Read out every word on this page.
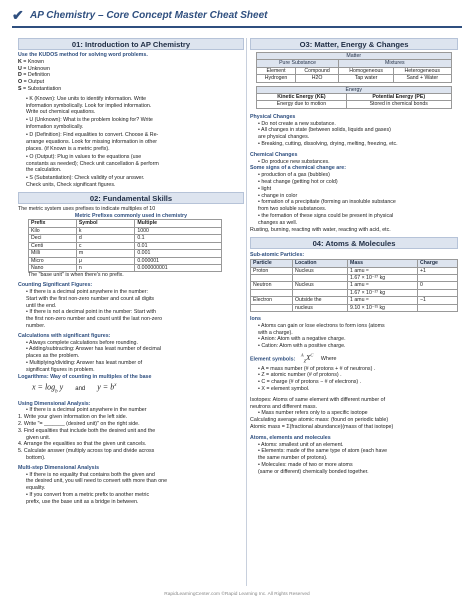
✔ AP Chemistry – Core Concept Master Cheat Sheet
01: Introduction to AP Chemistry
Use the KUDOS method for solving word problems.
K = Known
U = Unknown
D = Definition
O = Output
S = Substantiation
• K (Known): Use units to identify information. Write
information symbolically. Look for implied information.
Write out chemical equations.
• U (Unknown): What is the problem looking for? Write
information symbolically.
• D (Definition): Find equalities to convert. Choose & Re-
arrange equations. Look for missing information in other
places. (if Known is a metric prefix).
• O (Output): Plug in values to the equations (use
constants as needed); Check unit cancellation & perform
the calculation.
• S (Substantiation): Check validity of your answer.
Check units, Check significant figures.
02: Fundamental Skills
The metric system uses prefixes to indicate multiples of 10
Metric Prefixes commonly used in chemistry
Prefix	Symbol	Multiple
Kilo	k	1000
Deci	d	0.1
Centi	c	0.01
Milli	m	0.001
Micro	μ	0.000001
Nano	n	0.000000001
The "base unit" is when there's no prefix.
Counting Significant Figures:
• If there is a decimal point anywhere in the number:
Start with the first non-zero number and count all digits
until the end.
• If there is not a decimal point in the number: Start with
the first non-zero number and count until the last non-zero
number.
Calculations with significant figures:
• Always complete calculations before rounding.
• Adding/subtracting: Answer has least number of decimal
places as the problem.
• Multiplying/dividing: Answer has least number of
significant figures in problem.
Logarithms: Way of counting in multiples of the base
$x = \log_b y$ and $y = b^x$
Using Dimensional Analysis:
• If there is a decimal point anywhere in the number
1. Write your given information on the left side.
2. Write "= _______ (desired unit)" on the right side.
3. Find equalities that include both the desired unit and the
given unit.
4. Arrange the equalities so that the given unit cancels.
5. Calculate answer (multiply across top and divide across
bottom).
Multi-step Dimensional Analysis
• If there is no equality that contains both the given and
the desired unit, you will need to convert with more than one
equality.
• If you convert from a metric prefix to another metric
prefix, use the base unit as a bridge in between.
O3: Matter, Energy & Changes
Matter			
Pure Substance		Mixtures	
Element	Compound	Homogeneous	Heterogeneous
Hydrogen	H2O	Tap water	Sand + Water
Energy	
Kinetic Energy (KE)	Potential Energy (PE)
Energy due to motion	Stored in chemical bonds
Physical Changes
• Do not create a new substance.
• All changes in state (between solids, liquids and gases)
are physical changes.
• Breaking, cutting, dissolving, drying, melting, freezing, etc.
Chemical Changes
• Do produce new substances.
Some signs of a chemical change are:
• production of a gas (bubbles)
• heat change (getting hot or cold)
• light
• change in color
• formation of a precipitate (forming an insoluble substance
from two soluble substances.
• the formation of these signs could be present in physical
changes as well.
Rusting, burning, reacting with water, reacting with acid, etc.
04: Atoms & Molecules
Sub-atomic Particles:
Particle	Location	Mass	Charge
Proton	Nucleus	1 amu ≈	+1
		1.67 × 10⁻²⁷ kg	
Neutron	Nucleus	1 amu ≈	0
		1.67 × 10⁻²⁷ kg	
Electron	Outside the	1 amu ≈	−1
	nucleus	9.10 × 10⁻³¹ kg	
Ions
• Atoms can gain or lose electrons to form ions (atoms
with a charge).
• Anion: Atom with a negative charge.
• Cation: Atom with a positive charge.
Element symbols: $^A_ZX^C$ Where
• A = mass number (# of protons + # of neutrons) .
• Z = atomic number (# of protons) .
• C = charge (# of protons − # of electrons) .
• X = element symbol.
Isotopes: Atoms of same element with different number of
neutrons and different mass.
• Mass number refers only to a specific isotope
Calculating average atomic mass: (found on periodic table)
Atomic mass = Σ(fractional abundance)(mass of that isotope)
Atoms, elements and molecules
• Atoms: smallest unit of an element.
• Elements: made of the same type of atom (each have
the same number of protons).
• Molecules: made of two or more atoms
(same or different) chemically bonded together.
RapidLearningCenter.com ©Rapid Learning Inc. All Rights Reserved
